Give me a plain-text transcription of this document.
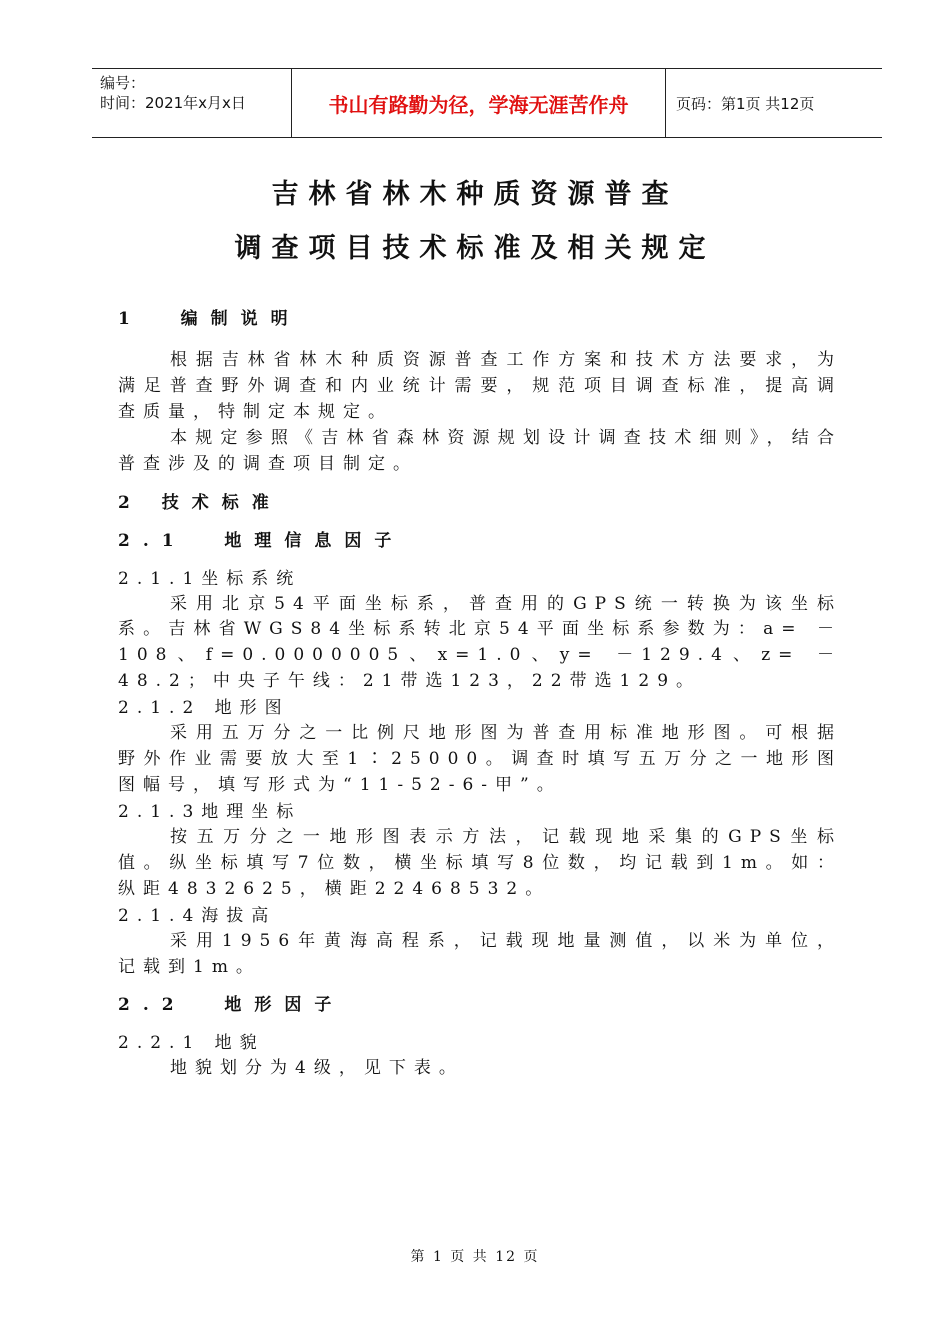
编号：
时间：2021年x月x日	书山有路勤为径，学海无涯苦作舟	页码：第1页 共12页
吉林省林木种质资源普查
调查项目技术标准及相关规定
1  编制说明
根据吉林省林木种质资源普查工作方案和技术方法要求，为满足普查野外调查和内业统计需要，规范项目调查标准，提高调查质量，特制定本规定。
本规定参照《吉林省森林资源规划设计调查技术细则》，结合普查涉及的调查项目制定。
2 技术标准
2.1  地理信息因子
2.1.1坐标系统
采用北京54平面坐标系，普查用的GPS统一转换为该坐标系。吉林省WGS84坐标系转北京54平面坐标系参数为：a= －108、f=0.0000005、x=1.0、y= －129.4、z= －48.2；中央子午线：21带选123，22带选129。
2.1.2 地形图
采用五万分之一比例尺地形图为普查用标准地形图。可根据野外作业需要放大至1∶25000。调查时填写五万分之一地形图图幅号，填写形式为“11-52-6-甲”。
2.1.3地理坐标
按五万分之一地形图表示方法，记载现地采集的GPS坐标值。纵坐标填写7位数，横坐标填写8位数，均记载到1m。如：纵距4832625，横距22468532。
2.1.4海拔高
采用1956年黄海高程系，记载现地量测值，以米为单位，记载到1m。
2.2  地形因子
2.2.1 地貌
地貌划分为4级，见下表。
第 1 页 共 12 页
